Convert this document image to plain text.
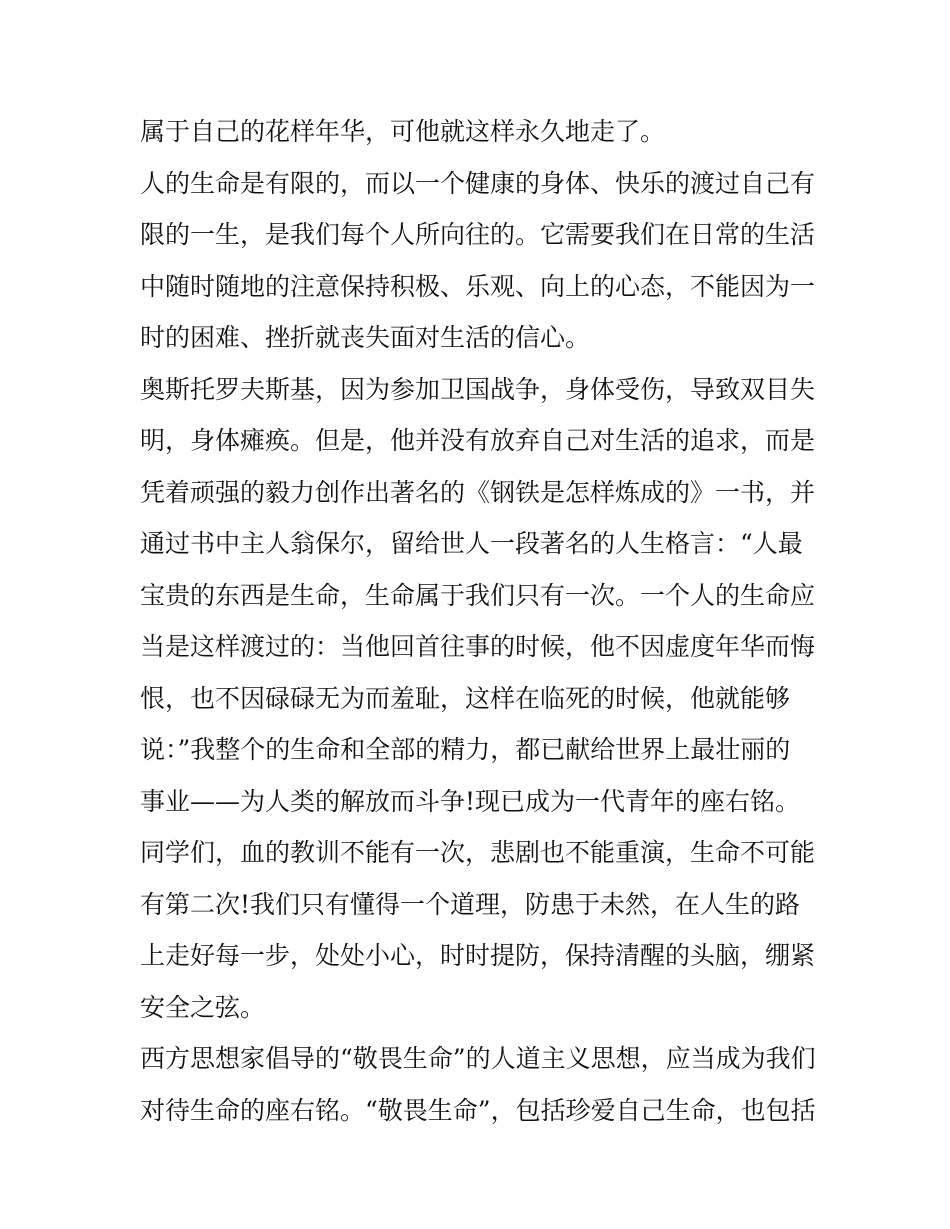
属于自己的花样年华，可他就这样永久地走了。
人的生命是有限的，而以一个健康的身体、快乐的渡过自己有
限的一生，是我们每个人所向往的。它需要我们在日常的生活
中随时随地的注意保持积极、乐观、向上的心态，不能因为一
时的困难、挫折就丧失面对生活的信心。
奥斯托罗夫斯基，因为参加卫国战争，身体受伤，导致双目失
明，身体瘫痪。但是，他并没有放弃自己对生活的追求，而是
凭着顽强的毅力创作出著名的《钢铁是怎样炼成的》一书，并
通过书中主人翁保尔，留给世人一段著名的人生格言：“人最
宝贵的东西是生命，生命属于我们只有一次。一个人的生命应
当是这样渡过的：当他回首往事的时候，他不因虚度年华而悔
恨，也不因碌碌无为而羞耻，这样在临死的时候，他就能够
说：”我整个的生命和全部的精力，都已献给世界上最壮丽的
事业——为人类的解放而斗争!现已成为一代青年的座右铭。
同学们，血的教训不能有一次，悲剧也不能重演，生命不可能
有第二次!我们只有懂得一个道理，防患于未然，在人生的路
上走好每一步，处处小心，时时提防，保持清醒的头脑，绷紧
安全之弦。
西方思想家倡导的“敬畏生命”的人道主义思想，应当成为我们
对待生命的座右铭。“敬畏生命”，包括珍爱自己生命，也包括
